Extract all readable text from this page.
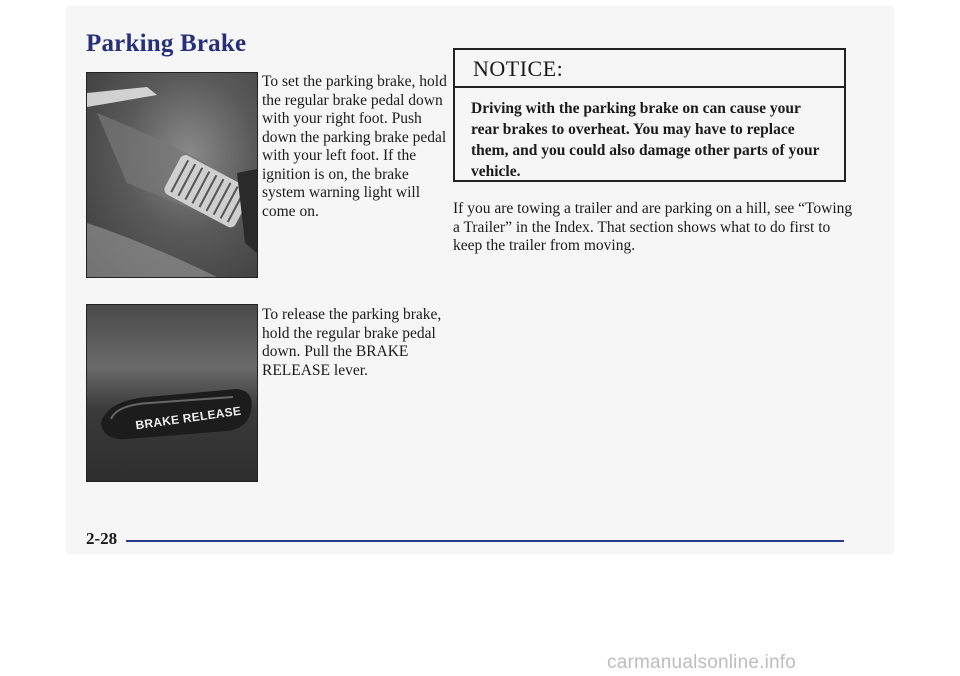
Parking Brake

To set the parking brake, hold the regular brake pedal down with your right foot. Push down the parking brake pedal with your left foot. If the ignition is on, the brake system warning light will come on.

BRAKE RELEASE

To release the parking brake, hold the regular brake pedal down. Pull the BRAKE RELEASE lever.

NOTICE:

Driving with the parking brake on can cause your rear brakes to overheat. You may have to replace them, and you could also damage other parts of your vehicle.

If you are towing a trailer and are parking on a hill, see “Towing a Trailer” in the Index. That section shows what to do first to keep the trailer from moving.

2-28
carmanualsonline.info
